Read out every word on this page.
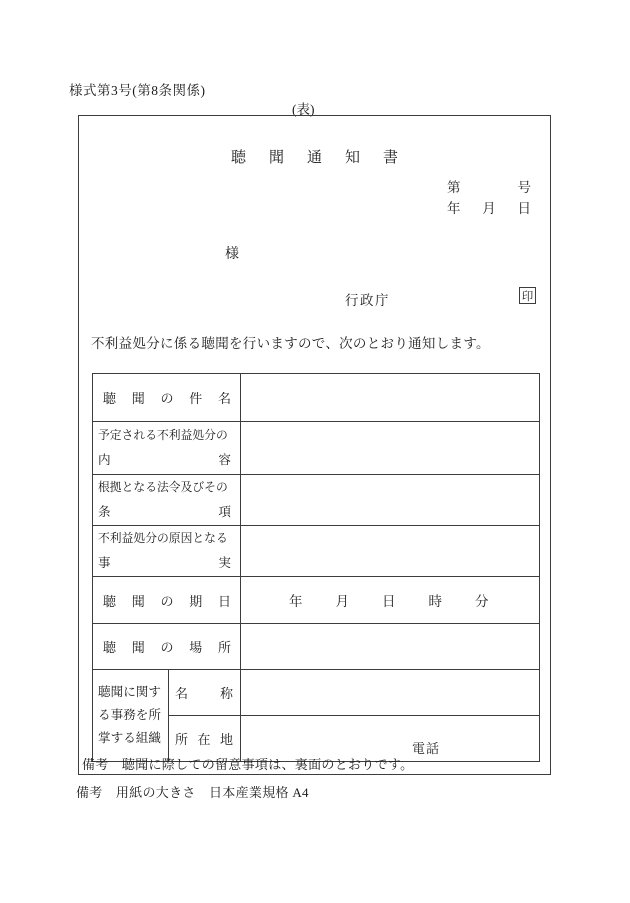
様式第3号(第8条関係)
(表)
聴聞通知書
第	号
年 月 日
様
行政庁	印
不利益処分に係る聴聞を行いますので、次のとおり通知します。
聴 聞 の 件 名		

予定される不利益処分の
内 容		

根拠となる法令及びその
条 項		

不利益処分の原因となる
事 実		

聴 聞 の 期 日		年 月 日 時 分

聴 聞 の 場 所		

聴聞に関する事務を所掌する組織	名 称	

	所 在 地	電話
備考　聴聞に際しての留意事項は、裏面のとおりです。
備考　用紙の大きさ　日本産業規格 A4
